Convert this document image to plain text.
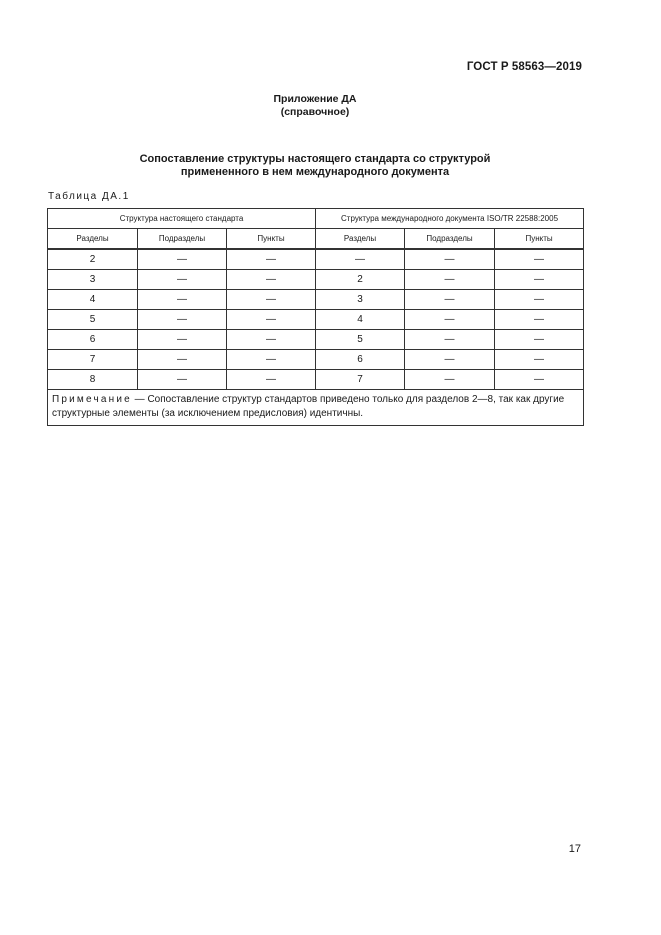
ГОСТ Р 58563—2019
Приложение ДА
(справочное)
Сопоставление структуры настоящего стандарта со структурой
примененного в нем международного документа
Таблица ДА.1
Структура настоящего стандарта			Структура международного документа ISO/TR 22588:2005		
Разделы	Подразделы	Пункты	Разделы	Подразделы	Пункты
2	—	—	—	—	—
3	—	—	2	—	—
4	—	—	3	—	—
5	—	—	4	—	—
6	—	—	5	—	—
7	—	—	6	—	—
8	—	—	7	—	—
Примечание — Сопоставление структур стандартов приведено только для разделов 2—8, так как другие структурные элементы (за исключением предисловия) идентичны.					
17
